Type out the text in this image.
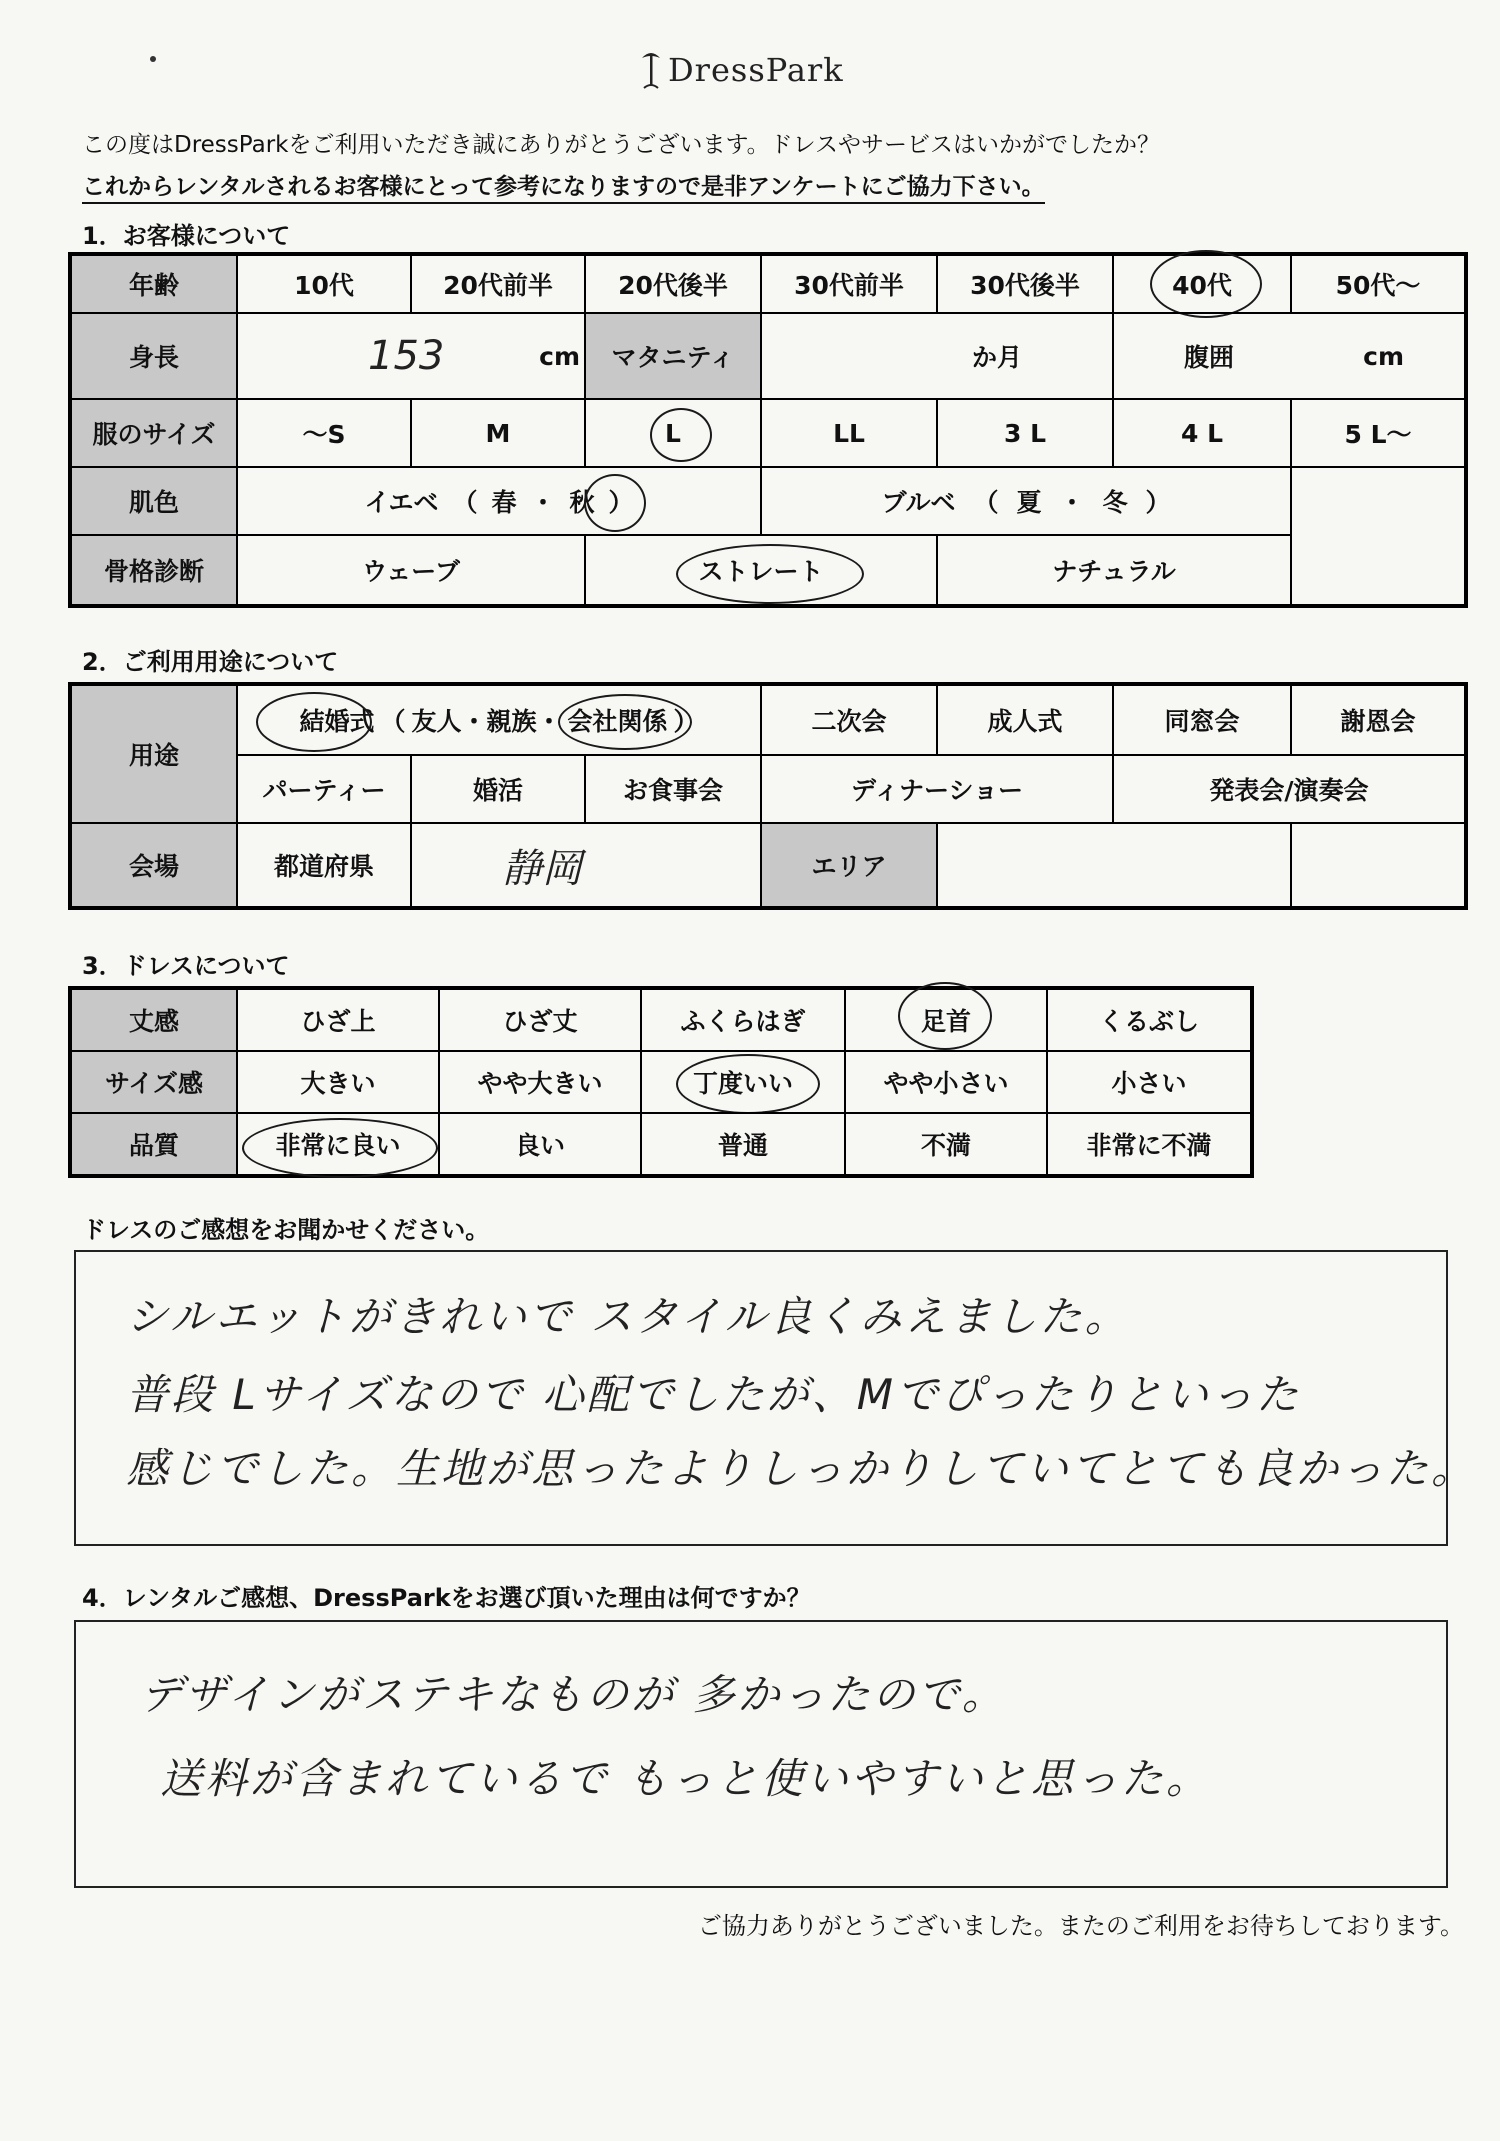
DressPark
この度はDressParkをご利用いただき誠にありがとうございます。ドレスやサービスはいかがでしたか？
これからレンタルされるお客様にとって参考になりますので是非アンケートにご協力下さい。
1．お客様について
年齢	10代	20代前半	20代後半	30代前半	30代後半	40代	50代〜
身長	153	cm	マタニティ	か月	腹囲	cm
服のサイズ	〜S	M	L	LL	3 L	4 L	5 L〜
肌色	イエベ （ 春 ・ 秋 ）	ブルベ （ 夏 ・ 冬 ）
骨格診断	ウェーブ	ストレート	ナチュラル
2．ご利用用途について
用途
結婚式 （ 友人・親族・ 会社関係 ）	二次会	成人式	同窓会	謝恩会
パーティー	婚活	お食事会	ディナーショー	発表会/演奏会
会場	都道府県	静岡	エリア
3．ドレスについて
丈感	ひざ上	ひざ丈	ふくらはぎ	足首	くるぶし
サイズ感	大きい	やや大きい	丁度いい	やや小さい	小さい
品質	非常に良い	良い	普通	不満	非常に不満
ドレスのご感想をお聞かせください。
シルエットがきれいで スタイル良くみえました。
普段 Lサイズなので 心配でしたが、Mでぴったりといった
感じでした。生地が思ったよりしっかりしていてとても良かった。
4．レンタルご感想、DressParkをお選び頂いた理由は何ですか？
デザインがステキなものが 多かったので。
送料が含まれているで もっと使いやすいと思った。
ご協力ありがとうございました。またのご利用をお待ちしております。
